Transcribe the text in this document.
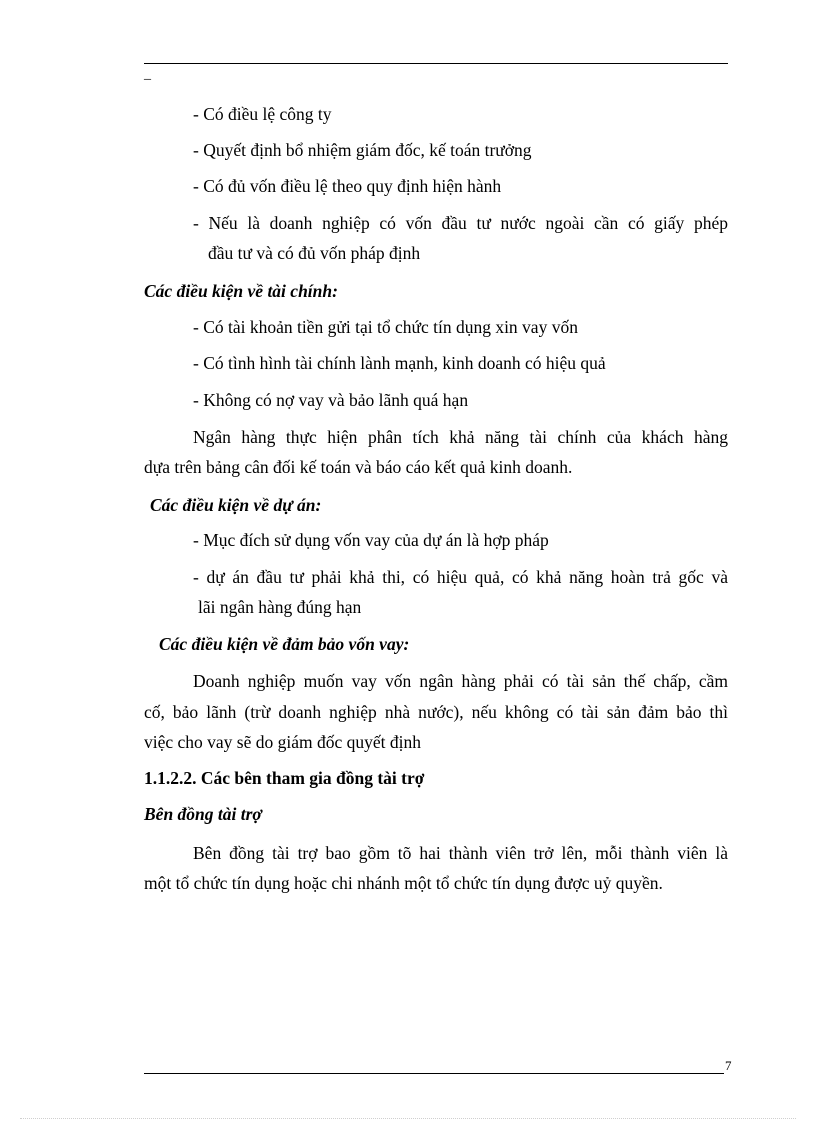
_
- Có điều lệ công ty
- Quyết định bổ nhiệm giám đốc, kế toán trưởng
- Có đủ vốn điều lệ theo quy định hiện hành
- Nếu là doanh nghiệp có vốn đầu tư nước ngoài cần có giấy phép
đầu tư và có đủ vốn pháp định
Các điều kiện về tài chính:
- Có tài khoản tiền gửi tại tổ chức tín dụng xin vay vốn
- Có tình hình tài chính lành mạnh, kinh doanh có hiệu quả
- Không có nợ vay và bảo lãnh quá hạn
Ngân hàng thực hiện phân tích khả năng tài chính của khách hàng
dựa trên bảng cân đối kế toán và báo cáo kết quả kinh doanh.
Các điều kiện về dự án:
- Mục đích sử dụng vốn vay của dự án là hợp pháp
- dự án đầu tư phải khả thi, có hiệu quả, có khả năng hoàn trả gốc và
lãi ngân hàng đúng hạn
Các điều kiện về đảm bảo vốn vay:
Doanh nghiệp muốn vay vốn ngân hàng phải có tài sản thế chấp, cầm
cố, bảo lãnh (trừ doanh nghiệp nhà nước), nếu không có tài sản đảm bảo thì
việc cho vay sẽ do giám đốc quyết định
1.1.2.2. Các bên tham gia đồng tài trợ
Bên đồng tài trợ
Bên đồng tài trợ bao gồm tõ hai thành viên trở lên, mỗi thành viên là
một tổ chức tín dụng hoặc chi nhánh một tổ chức tín dụng được uỷ quyền.
7
